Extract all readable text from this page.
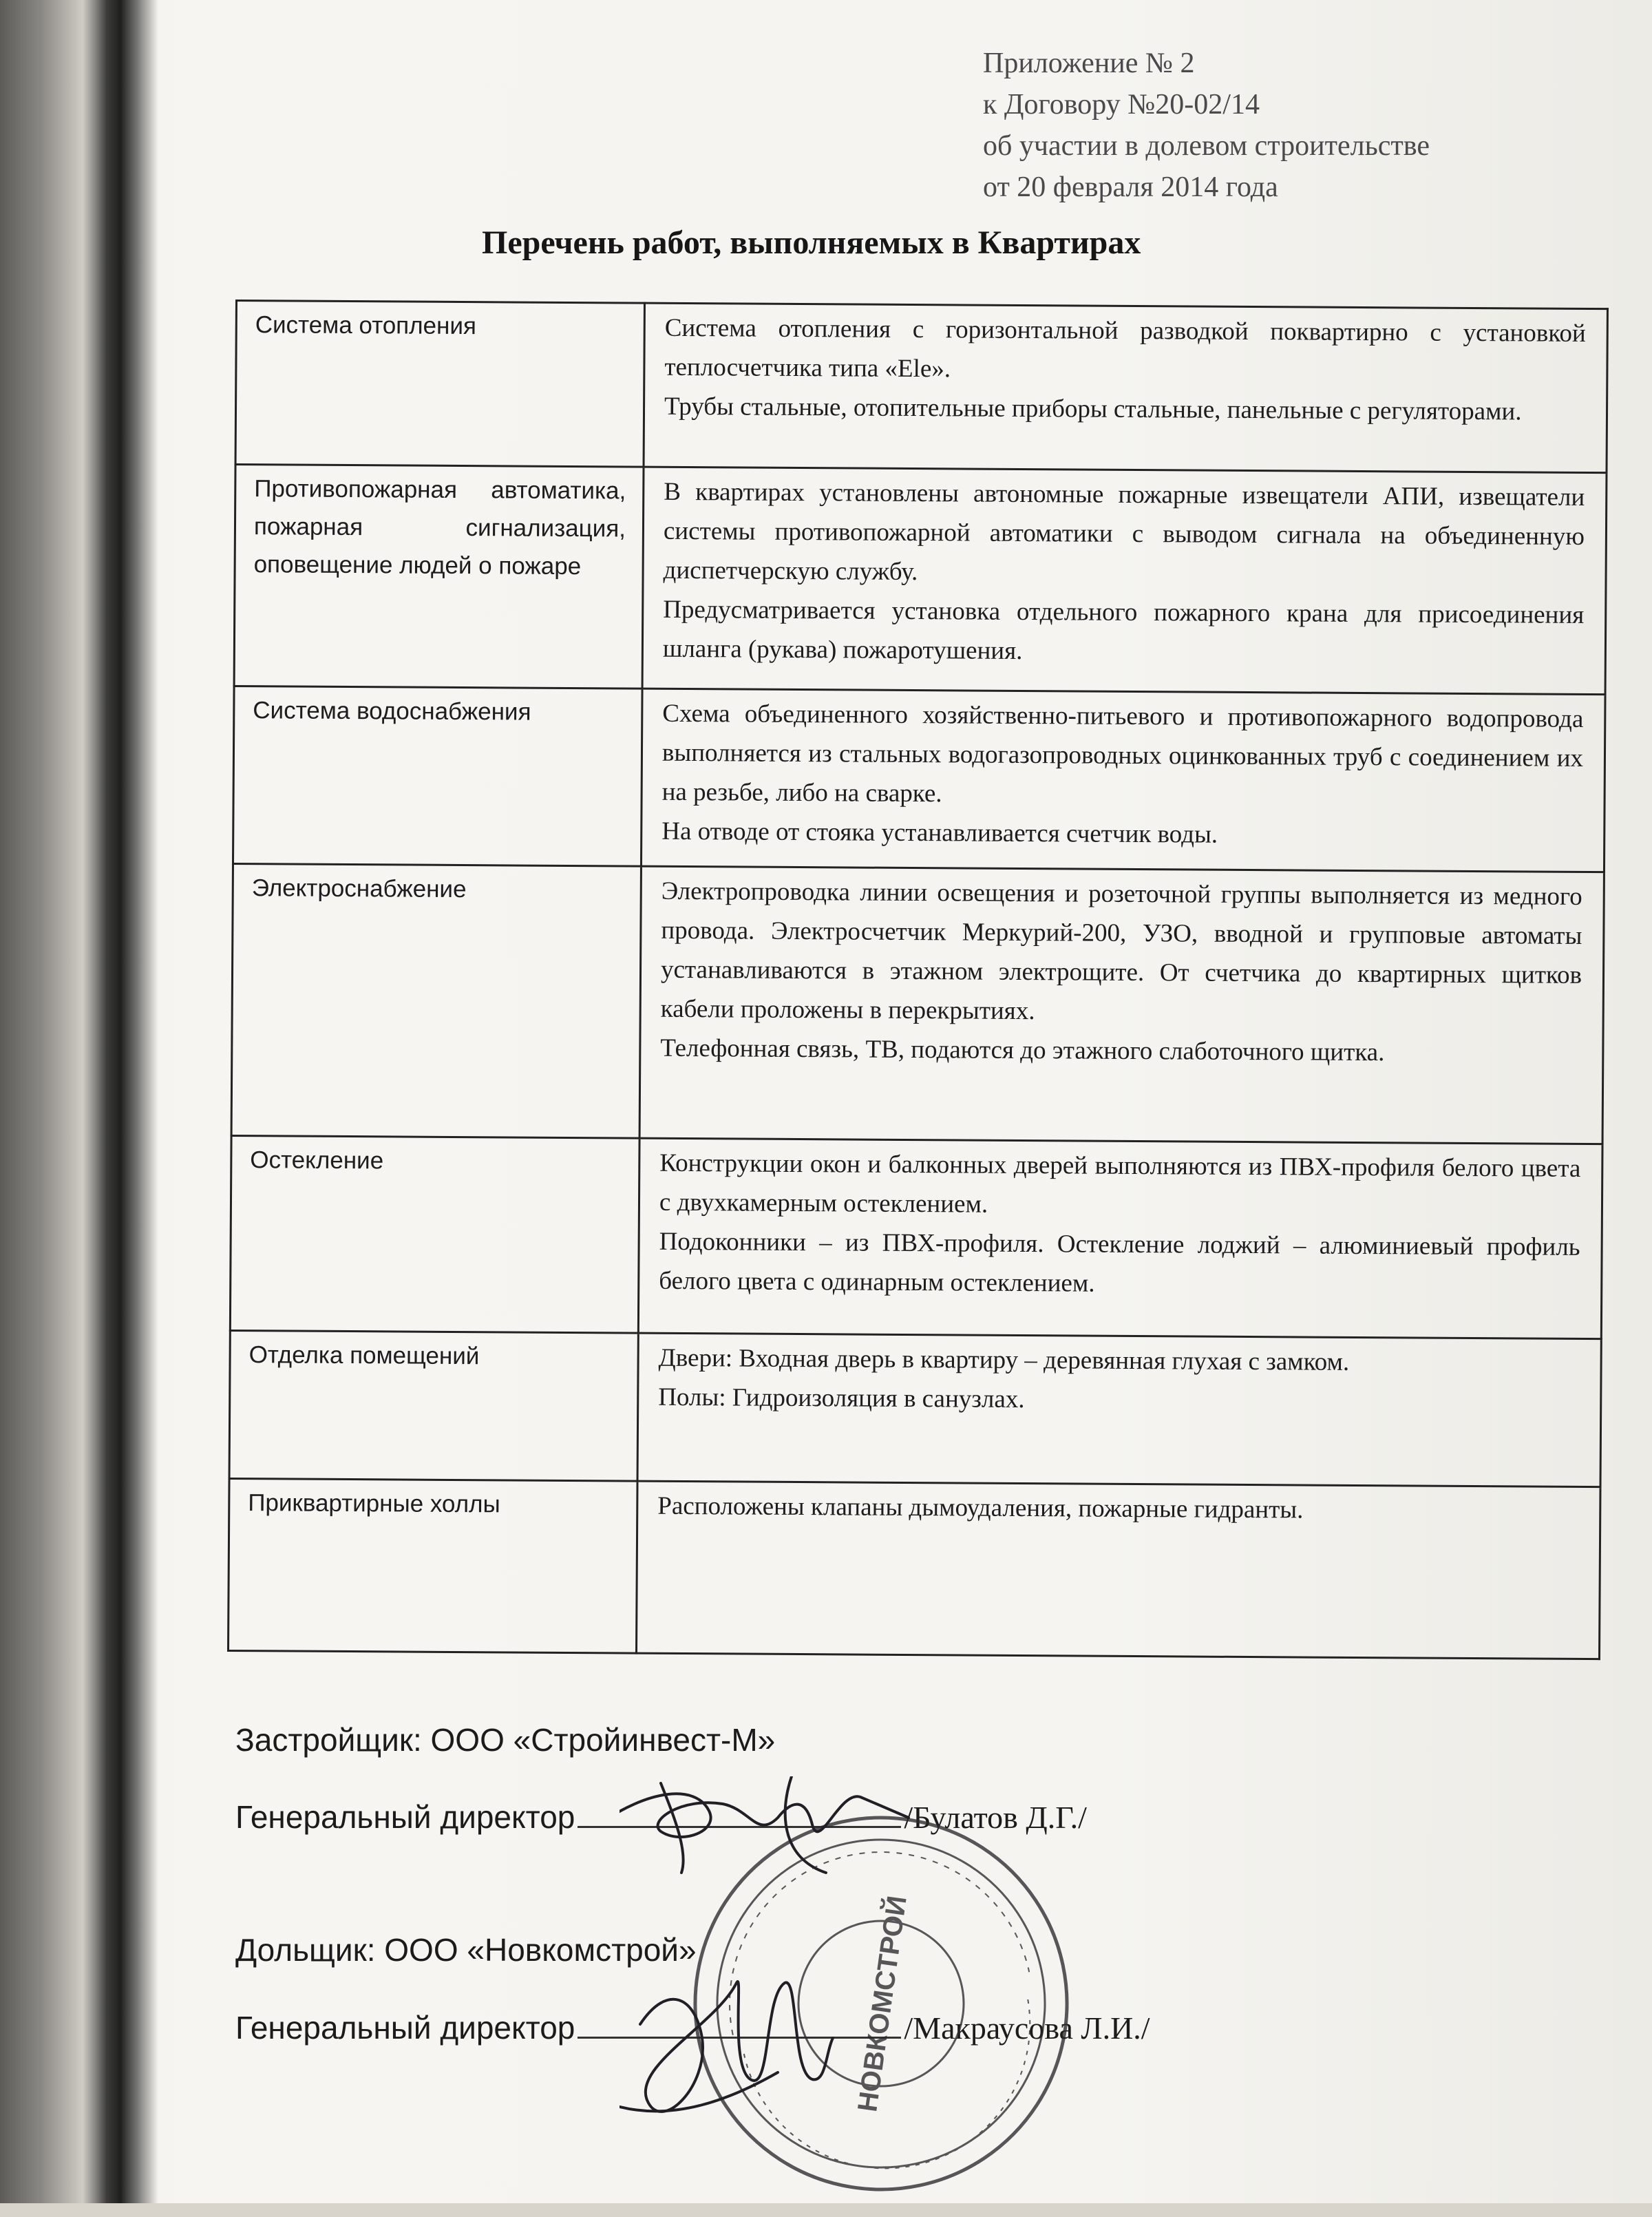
Приложение № 2
к Договору №20-02/14
об участии в долевом строительстве
от 20 февраля 2014 года
Перечень работ, выполняемых в Квартирах
Система отопления	Система отопления с горизонтальной разводкой поквартирно с установкой теплосчетчика типа «Ele».

Трубы стальные, отопительные приборы стальные, панельные с регуляторами.

Противопожарная автоматика, пожарная сигнализация, оповещение людей о пожаре	В квартирах установлены автономные пожарные извещатели АПИ, извещатели системы противопожарной автоматики с выводом сигнала на объединенную диспетчерскую службу.

Предусматривается установка отдельного пожарного крана для присоединения шланга (рукава) пожаротушения.

Система водоснабжения	Схема объединенного хозяйственно-питьевого и противопожарного водопровода выполняется из стальных водогазопроводных оцинкованных труб с соединением их на резьбе, либо на сварке.

На отводе от стояка устанавливается счетчик воды.

Электроснабжение	Электропроводка линии освещения и розеточной группы выполняется из медного провода. Электросчетчик Меркурий-200, УЗО, вводной и групповые автоматы устанавливаются в этажном электрощите. От счетчика до квартирных щитков кабели проложены в перекрытиях.

Телефонная связь, ТВ, подаются до этажного слаботочного щитка.

Остекление	Конструкции окон и балконных дверей выполняются из ПВХ-профиля белого цвета с двухкамерным остеклением.

Подоконники – из ПВХ-профиля. Остекление лоджий – алюминиевый профиль белого цвета с одинарным остеклением.

Отделка помещений	Двери: Входная дверь в квартиру – деревянная глухая с замком.

Полы: Гидроизоляция в санузлах.

Приквартирные холлы	Расположены клапаны дымоудаления, пожарные гидранты.

Застройщик: ООО «Стройинвест-М»
Генеральный директор	/Булатов Д.Г./
Дольщик: ООО «Новкомстрой»
Генеральный директор	/Макраусова Л.И./
НОВКОМСТРОЙ
